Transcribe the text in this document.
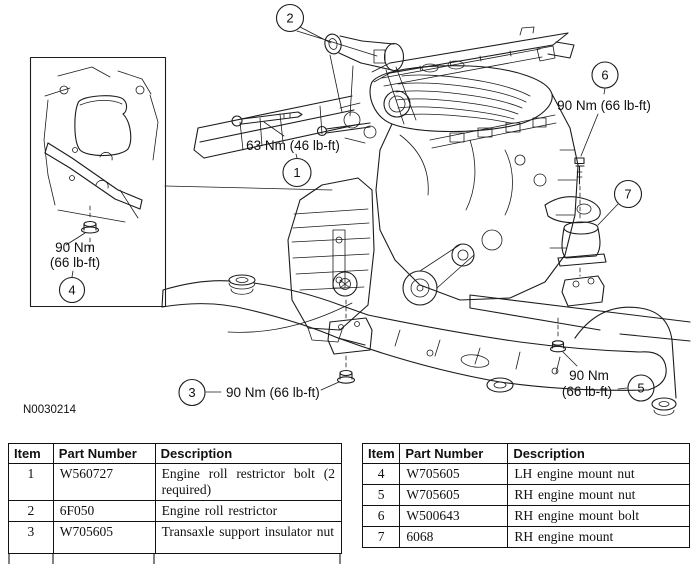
90 Nm
(66 lb-ft)
4
2
63 Nm (46 lb-ft)
1
90 Nm
(66 lb-ft) 5
6
90 Nm (66 lb-ft)
7
3 90 Nm (66 lb-ft)
N0030214
Item	Part Number	Description
1	W560727	Engine roll restrictor bolt (2 required)
2	6F050	Engine roll restrictor
3	W705605	Transaxle support insulator nut
Item	Part Number	Description
4	W705605	LH engine mount nut
5	W705605	RH engine mount nut
6	W500643	RH engine mount bolt
7	6068	RH engine mount
